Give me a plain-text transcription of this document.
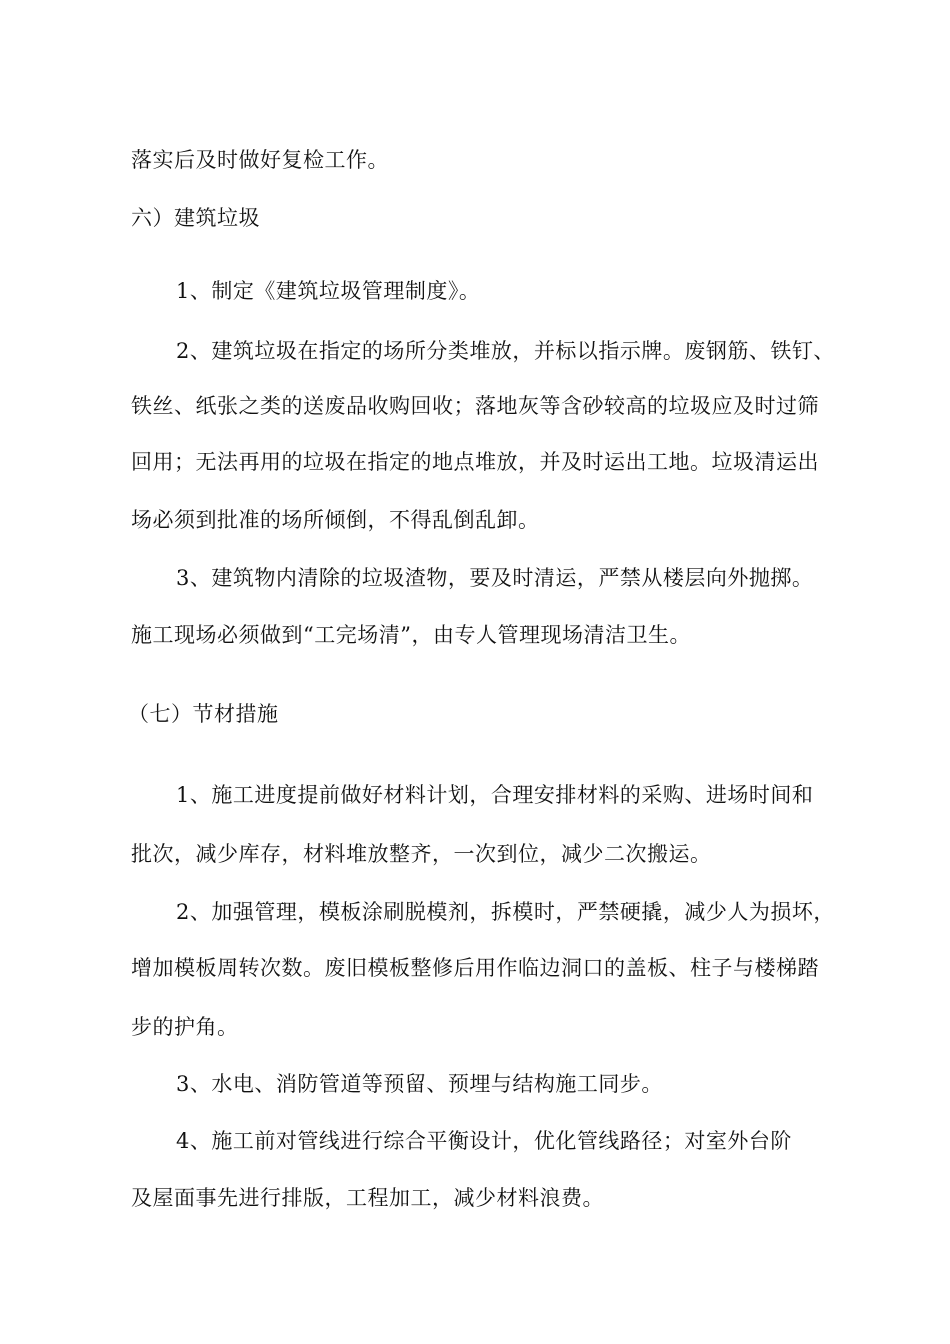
落实后及时做好复检工作。
六）建筑垃圾
1、制定《建筑垃圾管理制度》。
2、建筑垃圾在指定的场所分类堆放，并标以指示牌。废钢筋、铁钉、
铁丝、纸张之类的送废品收购回收；落地灰等含砂较高的垃圾应及时过筛
回用；无法再用的垃圾在指定的地点堆放，并及时运出工地。垃圾清运出
场必须到批准的场所倾倒，不得乱倒乱卸。
3、建筑物内清除的垃圾渣物，要及时清运，严禁从楼层向外抛掷。
施工现场必须做到“工完场清”，由专人管理现场清洁卫生。
（七）节材措施
1、施工进度提前做好材料计划，合理安排材料的采购、进场时间和
批次，减少库存，材料堆放整齐，一次到位，减少二次搬运。
2、加强管理，模板涂刷脱模剂，拆模时，严禁硬撬，减少人为损坏，
增加模板周转次数。废旧模板整修后用作临边洞口的盖板、柱子与楼梯踏
步的护角。
3、水电、消防管道等预留、预埋与结构施工同步。
4、施工前对管线进行综合平衡设计，优化管线路径；对室外台阶
及屋面事先进行排版，工程加工，减少材料浪费。
